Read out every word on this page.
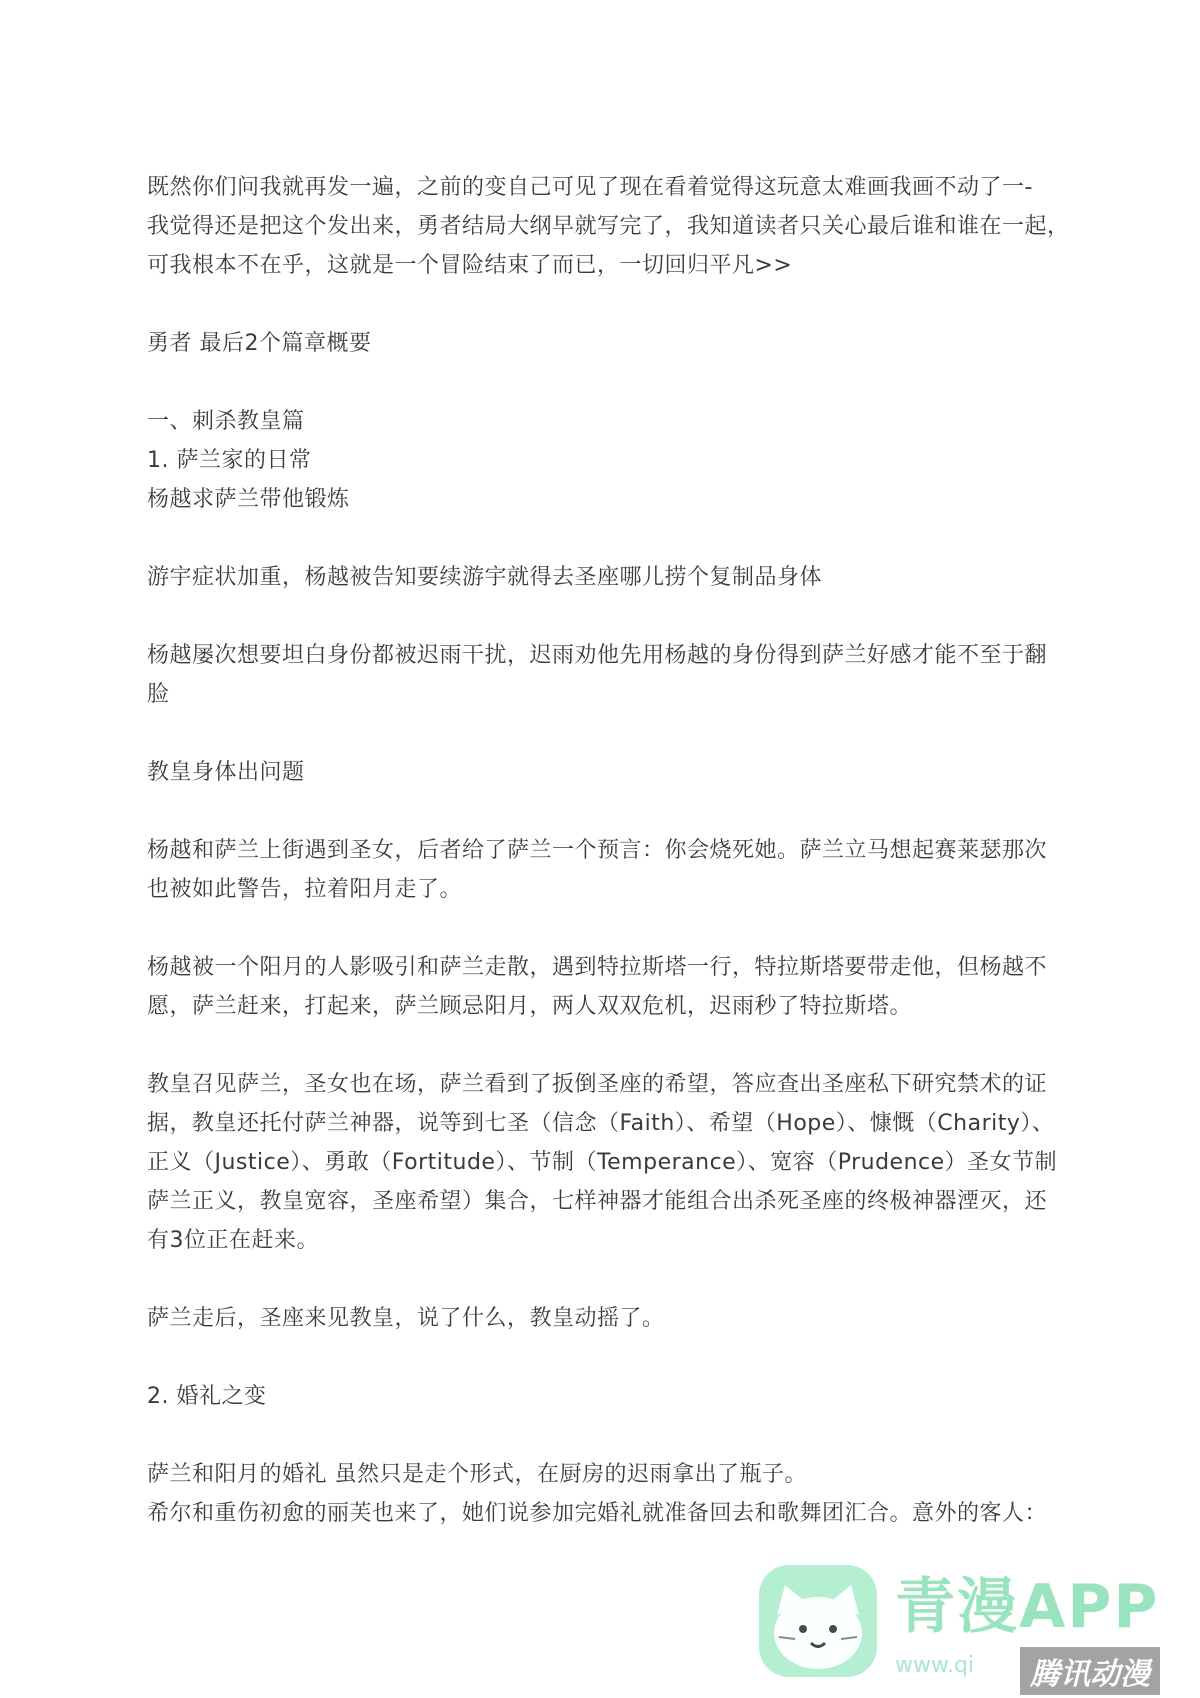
既然你们问我就再发一遍，之前的变自己可见了现在看着觉得这玩意太难画我画不动了一-
我觉得还是把这个发出来，勇者结局大纲早就写完了，我知道读者只关心最后谁和谁在一起，
可我根本不在乎，这就是一个冒险结束了而已，一切回归平凡>>
勇者 最后2个篇章概要
一、刺杀教皇篇
1. 萨兰家的日常
杨越求萨兰带他锻炼
游宇症状加重，杨越被告知要续游宇就得去圣座哪儿捞个复制品身体
杨越屡次想要坦白身份都被迟雨干扰，迟雨劝他先用杨越的身份得到萨兰好感才能不至于翻
脸
教皇身体出问题
杨越和萨兰上街遇到圣女，后者给了萨兰一个预言：你会烧死她。萨兰立马想起赛莱瑟那次
也被如此警告，拉着阳月走了。
杨越被一个阳月的人影吸引和萨兰走散，遇到特拉斯塔一行，特拉斯塔要带走他，但杨越不
愿，萨兰赶来，打起来，萨兰顾忌阳月，两人双双危机，迟雨秒了特拉斯塔。
教皇召见萨兰，圣女也在场，萨兰看到了扳倒圣座的希望，答应查出圣座私下研究禁术的证
据，教皇还托付萨兰神器，说等到七圣（信念（Faith）、希望（Hope）、慷慨（Charity）、
正义（Justice）、勇敢（Fortitude）、节制（Temperance）、宽容（Prudence）圣女节制
萨兰正义，教皇宽容，圣座希望）集合，七样神器才能组合出杀死圣座的终极神器湮灭，还
有3位正在赶来。
萨兰走后，圣座来见教皇，说了什么，教皇动摇了。
2. 婚礼之变
萨兰和阳月的婚礼 虽然只是走个形式，在厨房的迟雨拿出了瓶子。
希尔和重伤初愈的丽芙也来了，她们说参加完婚礼就准备回去和歌舞团汇合。意外的客人：
青漫APP
www.qi	腾讯动漫
